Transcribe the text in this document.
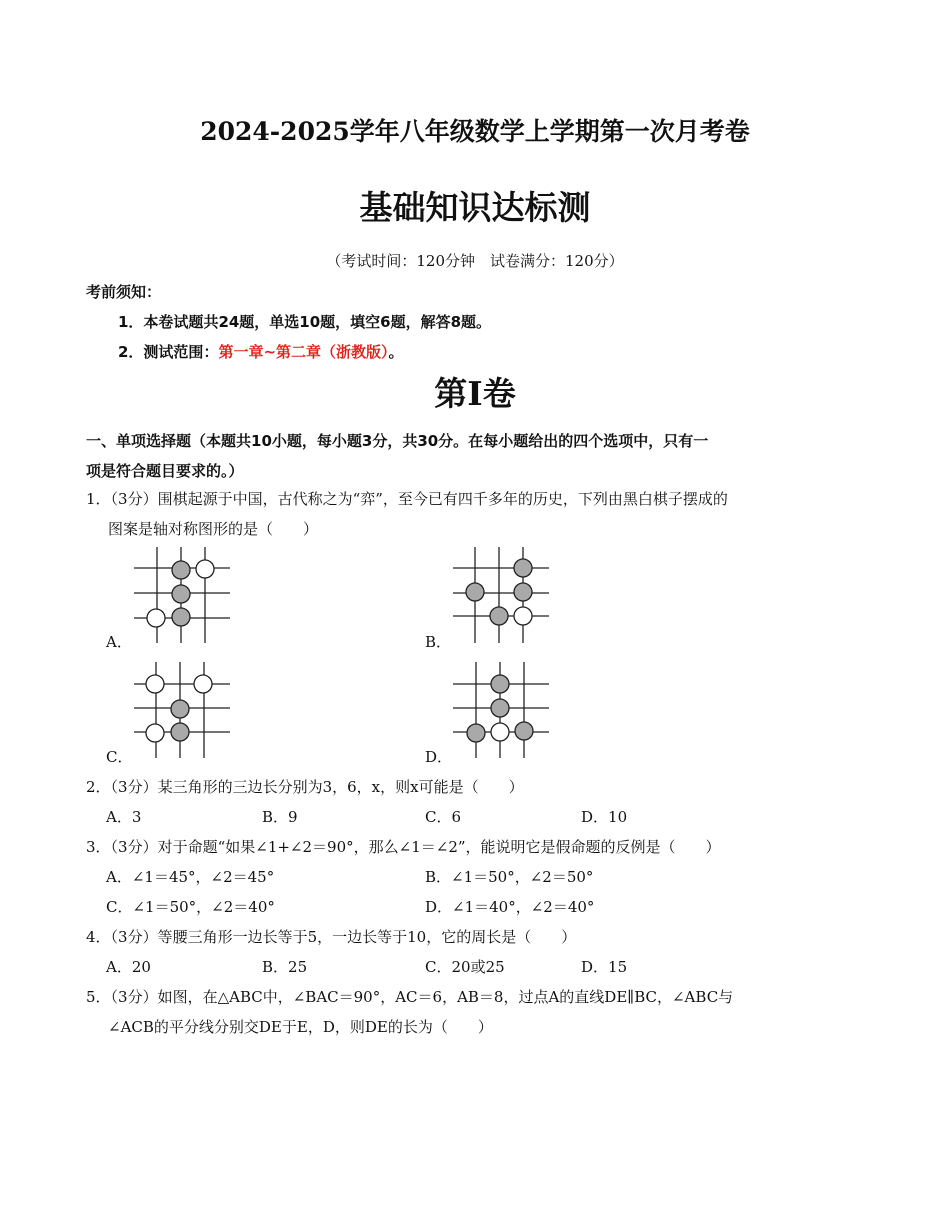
2024-2025学年八年级数学上学期第一次月考卷
基础知识达标测
（考试时间：120分钟　试卷满分：120分）
考前须知：
1．本卷试题共24题，单选10题，填空6题，解答8题。
2．测试范围：第一章~第二章（浙教版）。
第Ⅰ卷
一、单项选择题（本题共10小题，每小题3分，共30分。在每小题给出的四个选项中，只有一
项是符合题目要求的。）
1．（3分）围棋起源于中国，古代称之为“弈”，至今已有四千多年的历史，下列由黑白棋子摆成的
图案是轴对称图形的是（　　）
A．	B．
C．	D．
2．（3分）某三角形的三边长分别为3，6，x，则x可能是（　　）
A．3	B．9	C．6	D．10
3．（3分）对于命题“如果∠1+∠2＝90°，那么∠1＝∠2”，能说明它是假命题的反例是（　　）
A．∠1＝45°，∠2＝45°	B．∠1＝50°，∠2＝50°
C．∠1＝50°，∠2＝40°	D．∠1＝40°，∠2＝40°
4．（3分）等腰三角形一边长等于5，一边长等于10，它的周长是（　　）
A．20	B．25	C．20或25	D．15
5．（3分）如图，在△ABC中，∠BAC＝90°，AC＝6，AB＝8，过点A的直线DE∥BC，∠ABC与
∠ACB的平分线分别交DE于E，D，则DE的长为（　　）
